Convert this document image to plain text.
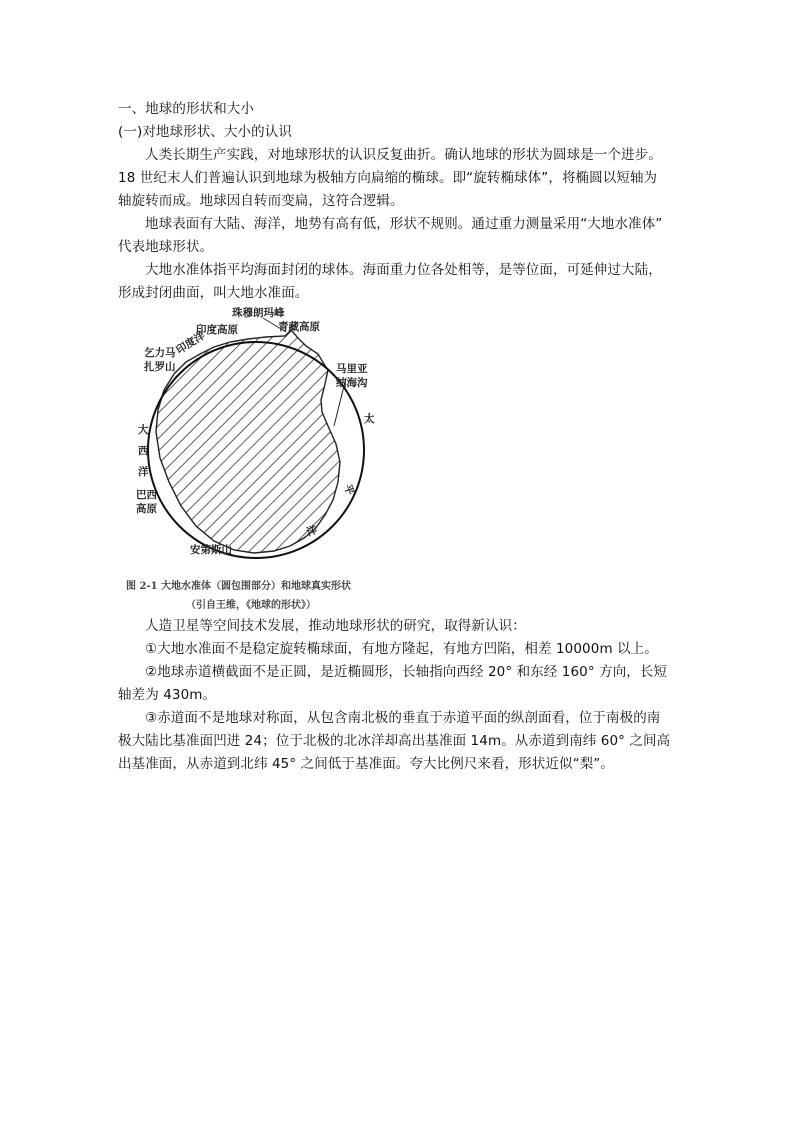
一、地球的形状和大小
(一)对地球形状、大小的认识
人类长期生产实践，对地球形状的认识反复曲折。确认地球的形状为圆球是一个进步。
18 世纪末人们普遍认识到地球为极轴方向扁缩的椭球。即“旋转椭球体”，将椭圆以短轴为
轴旋转而成。地球因自转而变扁，这符合逻辑。
地球表面有大陆、海洋，地势有高有低，形状不规则。通过重力测量采用“大地水准体”
代表地球形状。
大地水准体指平均海面封闭的球体。海面重力位各处相等，是等位面，可延伸过大陆，
形成封闭曲面，叫大地水准面。
珠穆朗玛峰
青藏高原
印度高原
印度洋
乞力马
扎罗山	马里亚
纳海沟
大
西
洋
太
平
洋
巴西
高原
安第斯山
图 2-1 大地水准体（圆包围部分）和地球真实形状
（引自王维，《地球的形状》）
人造卫星等空间技术发展，推动地球形状的研究，取得新认识：
①大地水准面不是稳定旋转椭球面，有地方隆起，有地方凹陷，相差 10000m 以上。
②地球赤道横截面不是正圆，是近椭圆形，长轴指向西经 20° 和东经 160° 方向，长短
轴差为 430m。
③赤道面不是地球对称面，从包含南北极的垂直于赤道平面的纵剖面看，位于南极的南
极大陆比基准面凹进 24；位于北极的北冰洋却高出基准面 14m。从赤道到南纬 60° 之间高
出基准面，从赤道到北纬 45° 之间低于基准面。夸大比例尺来看，形状近似“梨”。
